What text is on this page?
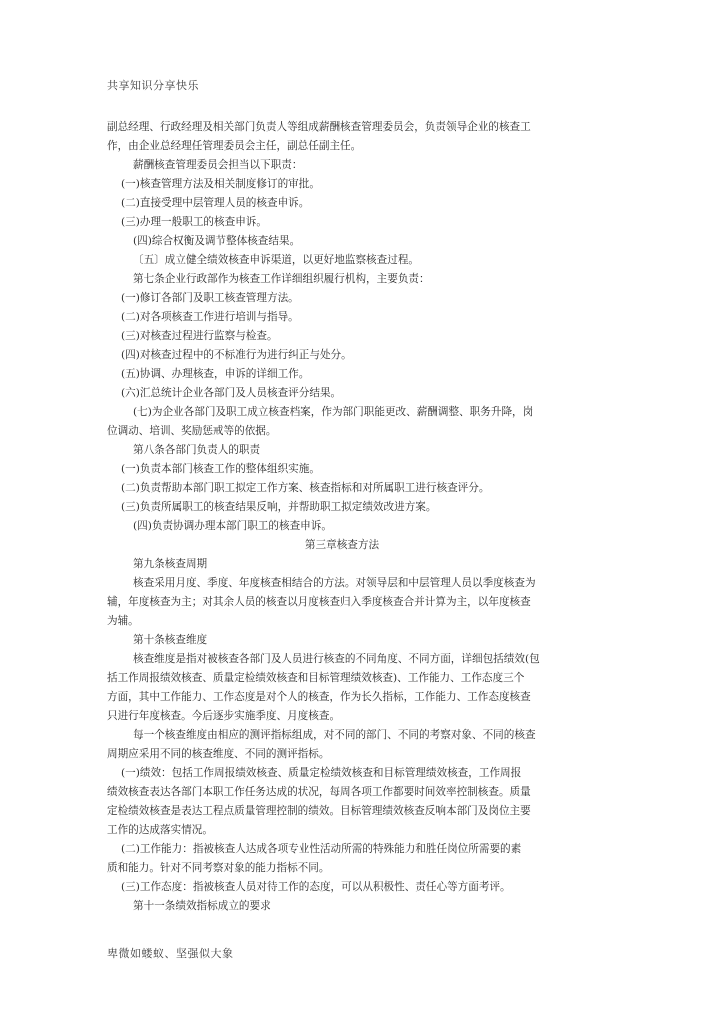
共享知识分享快乐
副总经理、行政经理及相关部门负责人等组成薪酬核查管理委员会，负责领导企业的核查工
作，由企业总经理任管理委员会主任，副总任副主任。
薪酬核查管理委员会担当以下职责：
(一)核查管理方法及相关制度修订的审批。
(二)直接受理中层管理人员的核查申诉。
(三)办理一般职工的核查申诉。
(四)综合权衡及调节整体核查结果。
〔五〕成立健全绩效核查申诉渠道，以更好地监察核查过程。
第七条企业行政部作为核查工作详细组织履行机构，主要负责：
(一)修订各部门及职工核查管理方法。
(二)对各项核查工作进行培训与指导。
(三)对核查过程进行监察与检查。
(四)对核查过程中的不标准行为进行纠正与处分。
(五)协调、办理核查，申诉的详细工作。
(六)汇总统计企业各部门及人员核查评分结果。
(七)为企业各部门及职工成立核查档案，作为部门职能更改、薪酬调整、职务升降，岗
位调动、培训、奖励惩戒等的依据。
第八条各部门负责人的职责
(一)负责本部门核查工作的整体组织实施。
(二)负责帮助本部门职工拟定工作方案、核查指标和对所属职工进行核查评分。
(三)负责所属职工的核查结果反响，并帮助职工拟定绩效改进方案。
(四)负责协调办理本部门职工的核查申诉。
第三章核查方法
第九条核查周期
核查采用月度、季度、年度核查相结合的方法。对领导层和中层管理人员以季度核查为
辅，年度核查为主；对其余人员的核查以月度核查归入季度核查合并计算为主，以年度核查
为辅。
第十条核查维度
核查维度是指对被核查各部门及人员进行核查的不同角度、不同方面，详细包括绩效(包
括工作周报绩效核查、质量定检绩效核查和目标管理绩效核查)、工作能力、工作态度三个
方面，其中工作能力、工作态度是对个人的核查，作为长久指标，工作能力、工作态度核查
只进行年度核查。今后逐步实施季度、月度核查。
每一个核查维度由相应的测评指标组成，对不同的部门、不同的考察对象、不同的核查
周期应采用不同的核查维度、不同的测评指标。
(一)绩效：包括工作周报绩效核查、质量定检绩效核查和目标管理绩效核查，工作周报
绩效核查表达各部门本职工作任务达成的状况，每周各项工作都要时间效率控制核查。质量
定检绩效核查是表达工程点质量管理控制的绩效。目标管理绩效核查反响本部门及岗位主要
工作的达成落实情况。
(二)工作能力：指被核查人达成各项专业性活动所需的特殊能力和胜任岗位所需要的素
质和能力。针对不同考察对象的能力指标不同。
(三)工作态度：指被核查人员对待工作的态度，可以从积极性、责任心等方面考评。
第十一条绩效指标成立的要求
卑微如蝼蚁、坚强似大象
